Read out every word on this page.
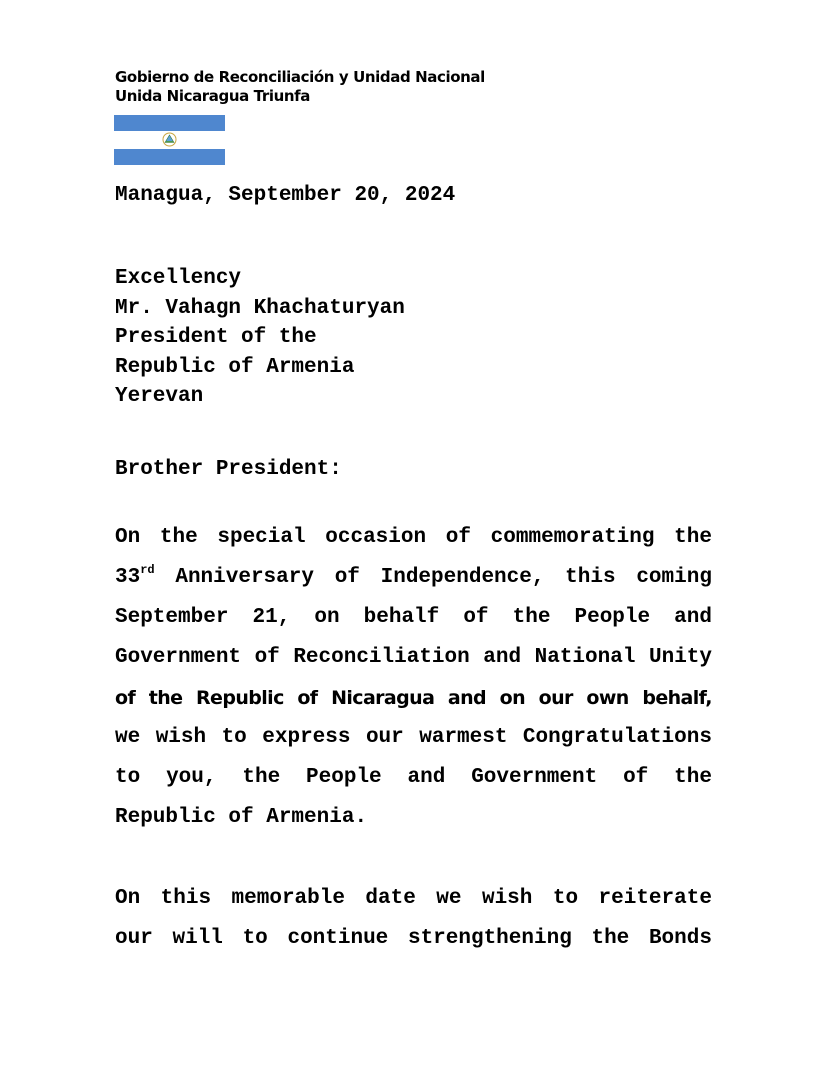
Gobierno de Reconciliación y Unidad Nacional
Unida Nicaragua Triunfa
Managua, September 20, 2024
Excellency
Mr. Vahagn Khachaturyan
President of the
Republic of Armenia
Yerevan
Brother President:
On the special occasion of commemorating the
33rd Anniversary of Independence, this coming
September 21, on behalf of the People and
Government of Reconciliation and National Unity
of the Republic of Nicaragua and on our own behalf,
we wish to express our warmest Congratulations
to you, the People and Government of the
Republic of Armenia.
On this memorable date we wish to reiterate
our will to continue strengthening the Bonds
